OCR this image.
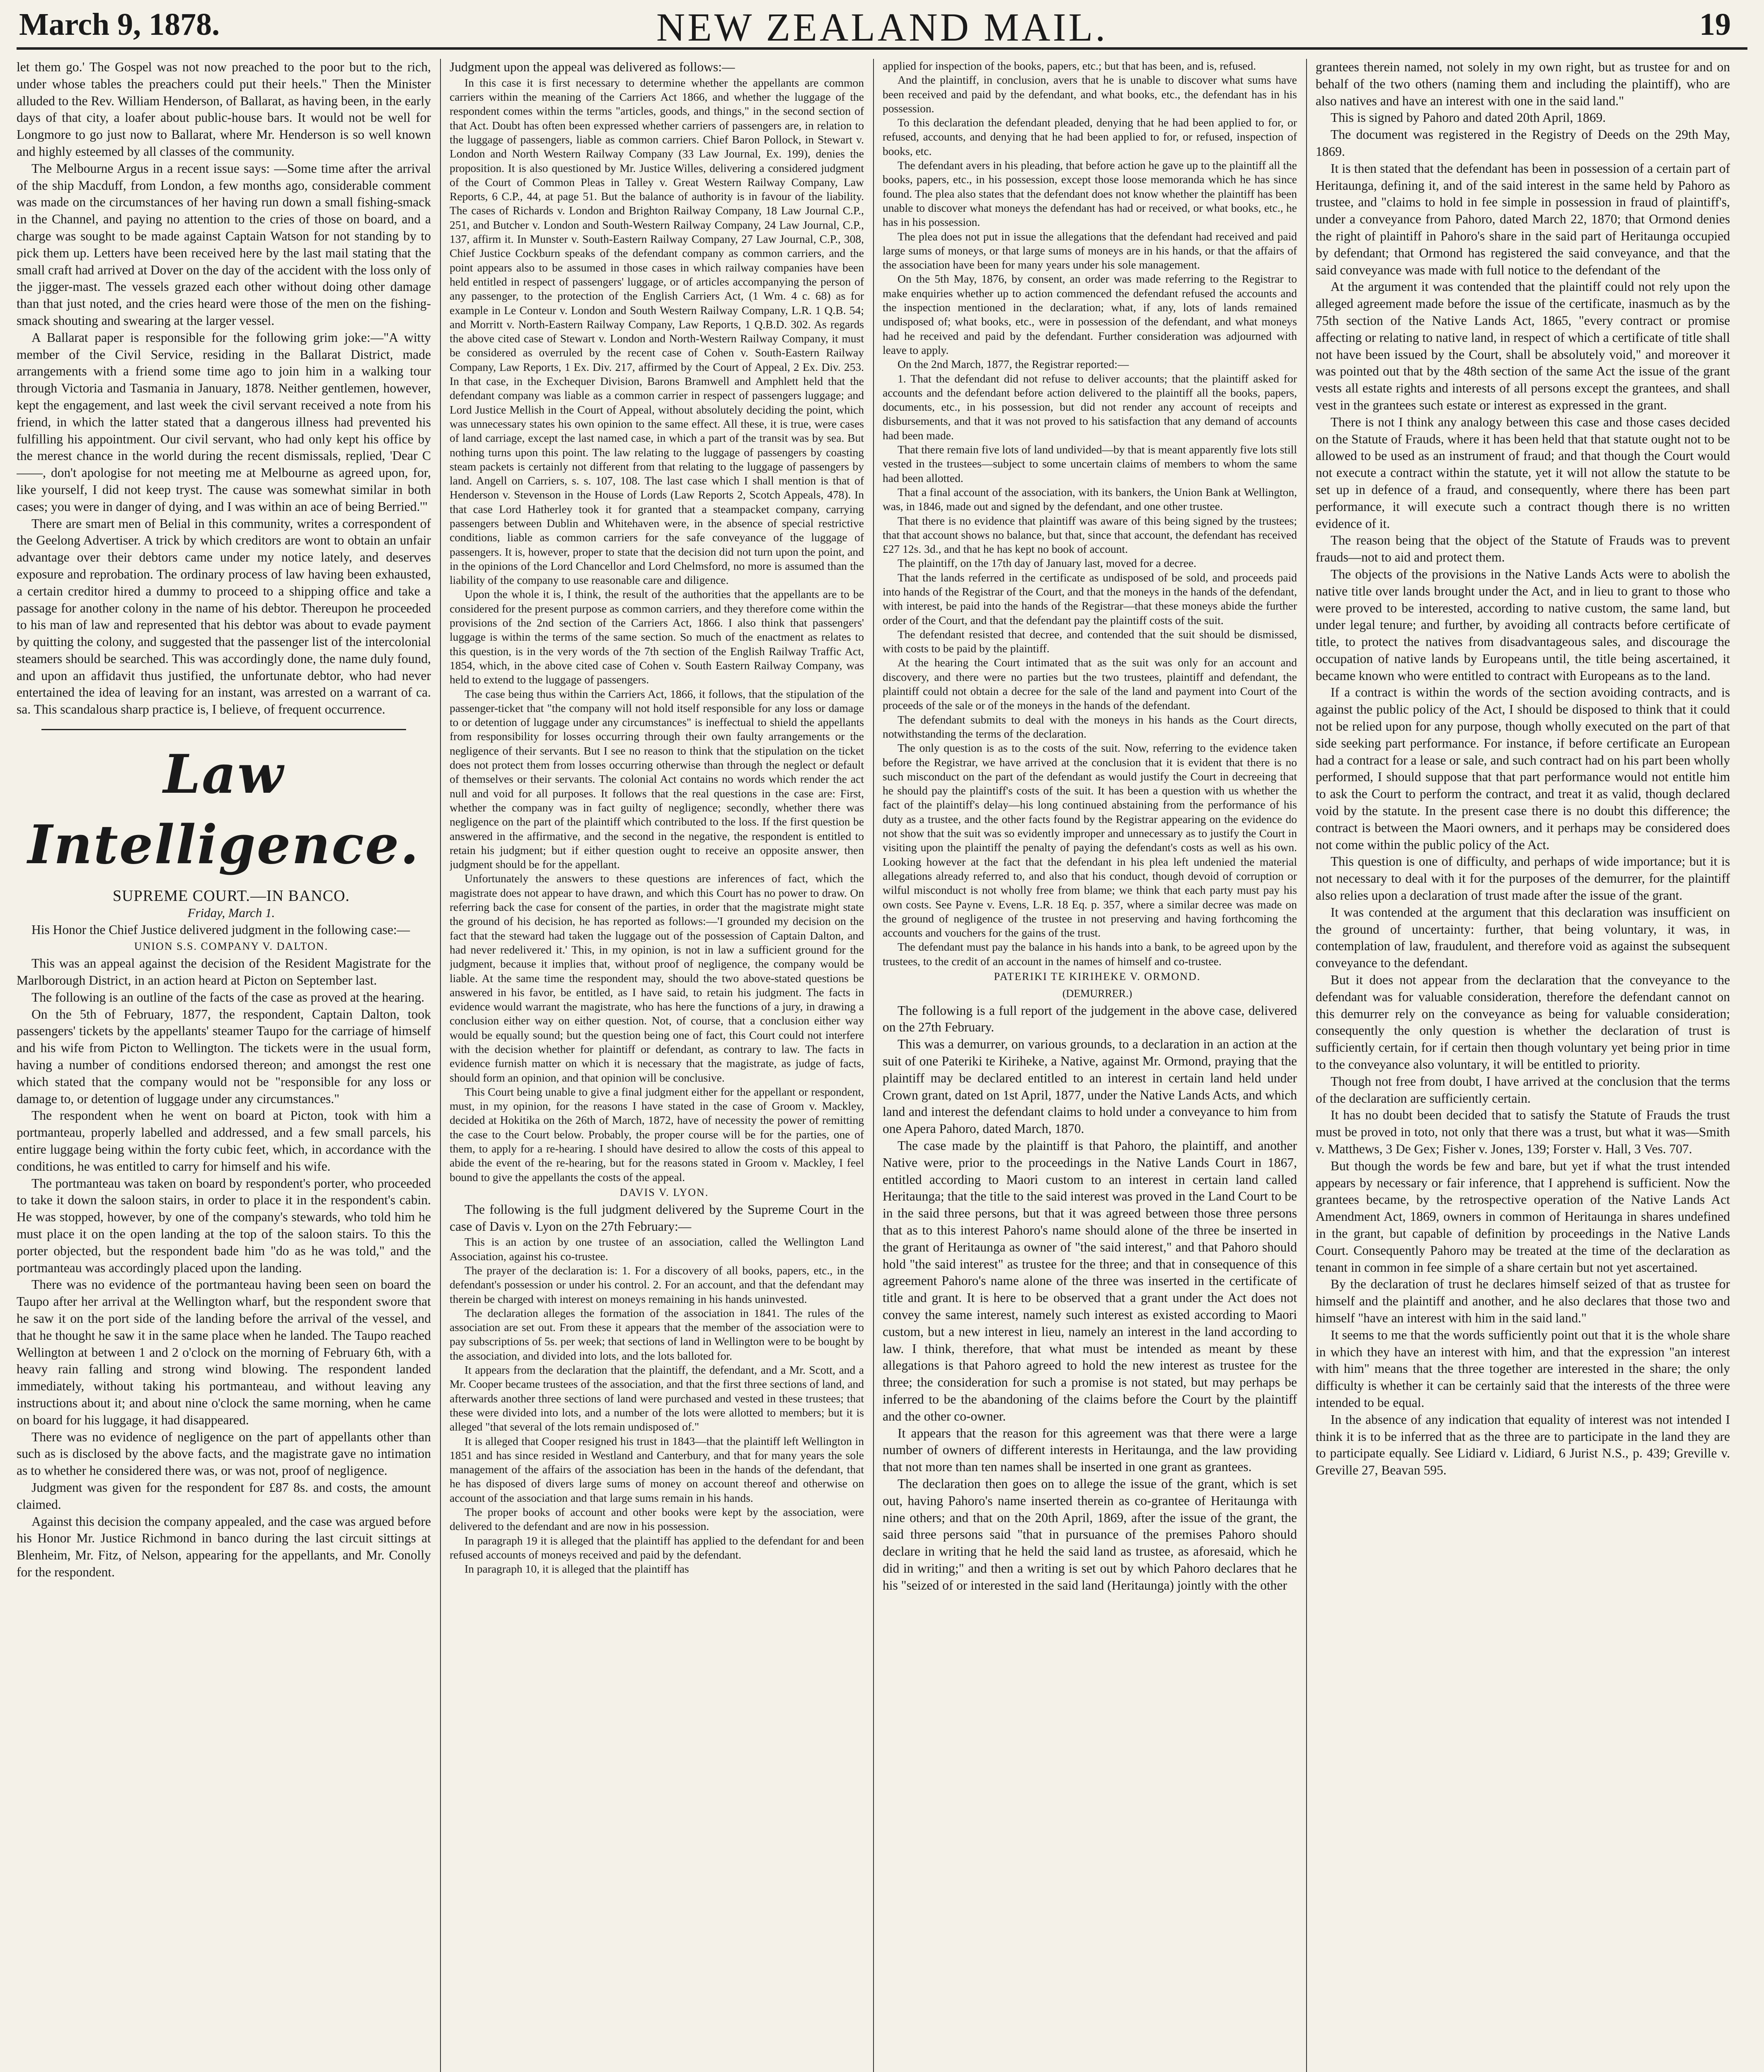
March 9, 1878.	NEW ZEALAND MAIL.	19

let them go.' The Gospel was not now preached to the poor but to the rich, under whose tables the preachers could put their heels." Then the Minister alluded to the Rev. William Henderson, of Ballarat, as having been, in the early days of that city, a loafer about public-house bars. It would not be well for Longmore to go just now to Ballarat, where Mr. Henderson is so well known and highly esteemed by all classes of the community.

The Melbourne Argus in a recent issue says: —Some time after the arrival of the ship Macduff, from London, a few months ago, considerable comment was made on the circumstances of her having run down a small fishing-smack in the Channel, and paying no attention to the cries of those on board, and a charge was sought to be made against Captain Watson for not standing by to pick them up. Letters have been received here by the last mail stating that the small craft had arrived at Dover on the day of the accident with the loss only of the jigger-mast. The vessels grazed each other without doing other damage than that just noted, and the cries heard were those of the men on the fishing-smack shouting and swearing at the larger vessel.

A Ballarat paper is responsible for the following grim joke:—"A witty member of the Civil Service, residing in the Ballarat District, made arrangements with a friend some time ago to join him in a walking tour through Victoria and Tasmania in January, 1878. Neither gentlemen, however, kept the engagement, and last week the civil servant received a note from his friend, in which the latter stated that a dangerous illness had prevented his fulfilling his appointment. Our civil servant, who had only kept his office by the merest chance in the world during the recent dismissals, replied, 'Dear C——, don't apologise for not meeting me at Melbourne as agreed upon, for, like yourself, I did not keep tryst. The cause was somewhat similar in both cases; you were in danger of dying, and I was within an ace of being Berried.'"

There are smart men of Belial in this community, writes a correspondent of the Geelong Advertiser. A trick by which creditors are wont to obtain an unfair advantage over their debtors came under my notice lately, and deserves exposure and reprobation. The ordinary process of law having been exhausted, a certain creditor hired a dummy to proceed to a shipping office and take a passage for another colony in the name of his debtor. Thereupon he proceeded to his man of law and represented that his debtor was about to evade payment by quitting the colony, and suggested that the passenger list of the intercolonial steamers should be searched. This was accordingly done, the name duly found, and upon an affidavit thus justified, the unfortunate debtor, who had never entertained the idea of leaving for an instant, was arrested on a warrant of ca. sa. This scandalous sharp practice is, I believe, of frequent occurrence.

Law Intelligence.

SUPREME COURT.—IN BANCO.

Friday, March 1.

His Honor the Chief Justice delivered judgment in the following case:—

UNION S.S. COMPANY V. DALTON.

This was an appeal against the decision of the Resident Magistrate for the Marlborough District, in an action heard at Picton on September last.

The following is an outline of the facts of the case as proved at the hearing.

On the 5th of February, 1877, the respondent, Captain Dalton, took passengers' tickets by the appellants' steamer Taupo for the carriage of himself and his wife from Picton to Wellington. The tickets were in the usual form, having a number of conditions endorsed thereon; and amongst the rest one which stated that the company would not be "responsible for any loss or damage to, or detention of luggage under any circumstances."

The respondent when he went on board at Picton, took with him a portmanteau, properly labelled and addressed, and a few small parcels, his entire luggage being within the forty cubic feet, which, in accordance with the conditions, he was entitled to carry for himself and his wife.

The portmanteau was taken on board by respondent's porter, who proceeded to take it down the saloon stairs, in order to place it in the respondent's cabin. He was stopped, however, by one of the company's stewards, who told him he must place it on the open landing at the top of the saloon stairs. To this the porter objected, but the respondent bade him "do as he was told," and the portmanteau was accordingly placed upon the landing.

There was no evidence of the portmanteau having been seen on board the Taupo after her arrival at the Wellington wharf, but the respondent swore that he saw it on the port side of the landing before the arrival of the vessel, and that he thought he saw it in the same place when he landed. The Taupo reached Wellington at between 1 and 2 o'clock on the morning of February 6th, with a heavy rain falling and strong wind blowing. The respondent landed immediately, without taking his portmanteau, and without leaving any instructions about it; and about nine o'clock the same morning, when he came on board for his luggage, it had disappeared.

There was no evidence of negligence on the part of appellants other than such as is disclosed by the above facts, and the magistrate gave no intimation as to whether he considered there was, or was not, proof of negligence.

Judgment was given for the respondent for £87 8s. and costs, the amount claimed.

Against this decision the company appealed, and the case was argued before his Honor Mr. Justice Richmond in banco during the last circuit sittings at Blenheim, Mr. Fitz, of Nelson, appearing for the appellants, and Mr. Conolly for the respondent.

Judgment upon the appeal was delivered as follows:—

In this case it is first necessary to determine whether the appellants are common carriers within the meaning of the Carriers Act 1866, and whether the luggage of the respondent comes within the terms "articles, goods, and things," in the second section of that Act. Doubt has often been expressed whether carriers of passengers are, in relation to the luggage of passengers, liable as common carriers. Chief Baron Pollock, in Stewart v. London and North Western Railway Company (33 Law Journal, Ex. 199), denies the proposition. It is also questioned by Mr. Justice Willes, delivering a considered judgment of the Court of Common Pleas in Talley v. Great Western Railway Company, Law Reports, 6 C.P., 44, at page 51. But the balance of authority is in favour of the liability. The cases of Richards v. London and Brighton Railway Company, 18 Law Journal C.P., 251, and Butcher v. London and South-Western Railway Company, 24 Law Journal, C.P., 137, affirm it. In Munster v. South-Eastern Railway Company, 27 Law Journal, C.P., 308, Chief Justice Cockburn speaks of the defendant company as common carriers, and the point appears also to be assumed in those cases in which railway companies have been held entitled in respect of passengers' luggage, or of articles accompanying the person of any passenger, to the protection of the English Carriers Act, (1 Wm. 4 c. 68) as for example in Le Conteur v. London and South Western Railway Company, L.R. 1 Q.B. 54; and Morritt v. North-Eastern Railway Company, Law Reports, 1 Q.B.D. 302. As regards the above cited case of Stewart v. London and North-Western Railway Company, it must be considered as overruled by the recent case of Cohen v. South-Eastern Railway Company, Law Reports, 1 Ex. Div. 217, affirmed by the Court of Appeal, 2 Ex. Div. 253. In that case, in the Exchequer Division, Barons Bramwell and Amphlett held that the defendant company was liable as a common carrier in respect of passengers luggage; and Lord Justice Mellish in the Court of Appeal, without absolutely deciding the point, which was unnecessary states his own opinion to the same effect. All these, it is true, were cases of land carriage, except the last named case, in which a part of the transit was by sea. But nothing turns upon this point. The law relating to the luggage of passengers by coasting steam packets is certainly not different from that relating to the luggage of passengers by land. Angell on Carriers, s. s. 107, 108. The last case which I shall mention is that of Henderson v. Stevenson in the House of Lords (Law Reports 2, Scotch Appeals, 478). In that case Lord Hatherley took it for granted that a steampacket company, carrying passengers between Dublin and Whitehaven were, in the absence of special restrictive conditions, liable as common carriers for the safe conveyance of the luggage of passengers. It is, however, proper to state that the decision did not turn upon the point, and in the opinions of the Lord Chancellor and Lord Chelmsford, no more is assumed than the liability of the company to use reasonable care and diligence.

Upon the whole it is, I think, the result of the authorities that the appellants are to be considered for the present purpose as common carriers, and they therefore come within the provisions of the 2nd section of the Carriers Act, 1866. I also think that passengers' luggage is within the terms of the same section. So much of the enactment as relates to this question, is in the very words of the 7th section of the English Railway Traffic Act, 1854, which, in the above cited case of Cohen v. South Eastern Railway Company, was held to extend to the luggage of passengers.

The case being thus within the Carriers Act, 1866, it follows, that the stipulation of the passenger-ticket that "the company will not hold itself responsible for any loss or damage to or detention of luggage under any circumstances" is ineffectual to shield the appellants from responsibility for losses occurring through their own faulty arrangements or the negligence of their servants. But I see no reason to think that the stipulation on the ticket does not protect them from losses occurring otherwise than through the neglect or default of themselves or their servants. The colonial Act contains no words which render the act null and void for all purposes. It follows that the real questions in the case are: First, whether the company was in fact guilty of negligence; secondly, whether there was negligence on the part of the plaintiff which contributed to the loss. If the first question be answered in the affirmative, and the second in the negative, the respondent is entitled to retain his judgment; but if either question ought to receive an opposite answer, then judgment should be for the appellant.

Unfortunately the answers to these questions are inferences of fact, which the magistrate does not appear to have drawn, and which this Court has no power to draw. On referring back the case for consent of the parties, in order that the magistrate might state the ground of his decision, he has reported as follows:—'I grounded my decision on the fact that the steward had taken the luggage out of the possession of Captain Dalton, and had never redelivered it.' This, in my opinion, is not in law a sufficient ground for the judgment, because it implies that, without proof of negligence, the company would be liable. At the same time the respondent may, should the two above-stated questions be answered in his favor, be entitled, as I have said, to retain his judgment. The facts in evidence would warrant the magistrate, who has here the functions of a jury, in drawing a conclusion either way on either question. Not, of course, that a conclusion either way would be equally sound; but the question being one of fact, this Court could not interfere with the decision whether for plaintiff or defendant, as contrary to law. The facts in evidence furnish matter on which it is necessary that the magistrate, as judge of facts, should form an opinion, and that opinion will be conclusive.

This Court being unable to give a final judgment either for the appellant or respondent, must, in my opinion, for the reasons I have stated in the case of Groom v. Mackley, decided at Hokitika on the 26th of March, 1872, have of necessity the power of remitting the case to the Court below. Probably, the proper course will be for the parties, one of them, to apply for a re-hearing. I should have desired to allow the costs of this appeal to abide the event of the re-hearing, but for the reasons stated in Groom v. Mackley, I feel bound to give the appellants the costs of the appeal.

DAVIS V. LYON.

The following is the full judgment delivered by the Supreme Court in the case of Davis v. Lyon on the 27th February:—

This is an action by one trustee of an association, called the Wellington Land Association, against his co-trustee.

The prayer of the declaration is: 1. For a discovery of all books, papers, etc., in the defendant's possession or under his control. 2. For an account, and that the defendant may therein be charged with interest on moneys remaining in his hands uninvested.

The declaration alleges the formation of the association in 1841. The rules of the association are set out. From these it appears that the member of the association were to pay subscriptions of 5s. per week; that sections of land in Wellington were to be bought by the association, and divided into lots, and the lots balloted for.

It appears from the declaration that the plaintiff, the defendant, and a Mr. Scott, and a Mr. Cooper became trustees of the association, and that the first three sections of land, and afterwards another three sections of land were purchased and vested in these trustees; that these were divided into lots, and a number of the lots were allotted to members; but it is alleged "that several of the lots remain undisposed of."

It is alleged that Cooper resigned his trust in 1843—that the plaintiff left Wellington in 1851 and has since resided in Westland and Canterbury, and that for many years the sole management of the affairs of the association has been in the hands of the defendant, that he has disposed of divers large sums of money on account thereof and otherwise on account of the association and that large sums remain in his hands.

The proper books of account and other books were kept by the association, were delivered to the defendant and are now in his possession.

In paragraph 19 it is alleged that the plaintiff has applied to the defendant for and been refused accounts of moneys received and paid by the defendant.

In paragraph 10, it is alleged that the plaintiff has

applied for inspection of the books, papers, etc.; but that has been, and is, refused.

And the plaintiff, in conclusion, avers that he is unable to discover what sums have been received and paid by the defendant, and what books, etc., the defendant has in his possession.

To this declaration the defendant pleaded, denying that he had been applied to for, or refused, accounts, and denying that he had been applied to for, or refused, inspection of books, etc.

The defendant avers in his pleading, that before action he gave up to the plaintiff all the books, papers, etc., in his possession, except those loose memoranda which he has since found. The plea also states that the defendant does not know whether the plaintiff has been unable to discover what moneys the defendant has had or received, or what books, etc., he has in his possession.

The plea does not put in issue the allegations that the defendant had received and paid large sums of moneys, or that large sums of moneys are in his hands, or that the affairs of the association have been for many years under his sole management.

On the 5th May, 1876, by consent, an order was made referring to the Registrar to make enquiries whether up to action commenced the defendant refused the accounts and the inspection mentioned in the declaration; what, if any, lots of lands remained undisposed of; what books, etc., were in possession of the defendant, and what moneys had he received and paid by the defendant. Further consideration was adjourned with leave to apply.

On the 2nd March, 1877, the Registrar reported:—

1. That the defendant did not refuse to deliver accounts; that the plaintiff asked for accounts and the defendant before action delivered to the plaintiff all the books, papers, documents, etc., in his possession, but did not render any account of receipts and disbursements, and that it was not proved to his satisfaction that any demand of accounts had been made.

That there remain five lots of land undivided—by that is meant apparently five lots still vested in the trustees—subject to some uncertain claims of members to whom the same had been allotted.

That a final account of the association, with its bankers, the Union Bank at Wellington, was, in 1846, made out and signed by the defendant, and one other trustee.

That there is no evidence that plaintiff was aware of this being signed by the trustees; that that account shows no balance, but that, since that account, the defendant has received £27 12s. 3d., and that he has kept no book of account.

The plaintiff, on the 17th day of January last, moved for a decree.

That the lands referred in the certificate as undisposed of be sold, and proceeds paid into hands of the Registrar of the Court, and that the moneys in the hands of the defendant, with interest, be paid into the hands of the Registrar—that these moneys abide the further order of the Court, and that the defendant pay the plaintiff costs of the suit.

The defendant resisted that decree, and contended that the suit should be dismissed, with costs to be paid by the plaintiff.

At the hearing the Court intimated that as the suit was only for an account and discovery, and there were no parties but the two trustees, plaintiff and defendant, the plaintiff could not obtain a decree for the sale of the land and payment into Court of the proceeds of the sale or of the moneys in the hands of the defendant.

The defendant submits to deal with the moneys in his hands as the Court directs, notwithstanding the terms of the declaration.

The only question is as to the costs of the suit. Now, referring to the evidence taken before the Registrar, we have arrived at the conclusion that it is evident that there is no such misconduct on the part of the defendant as would justify the Court in decreeing that he should pay the plaintiff's costs of the suit. It has been a question with us whether the fact of the plaintiff's delay—his long continued abstaining from the performance of his duty as a trustee, and the other facts found by the Registrar appearing on the evidence do not show that the suit was so evidently improper and unnecessary as to justify the Court in visiting upon the plaintiff the penalty of paying the defendant's costs as well as his own. Looking however at the fact that the defendant in his plea left undenied the material allegations already referred to, and also that his conduct, though devoid of corruption or wilful misconduct is not wholly free from blame; we think that each party must pay his own costs. See Payne v. Evens, L.R. 18 Eq. p. 357, where a similar decree was made on the ground of negligence of the trustee in not preserving and having forthcoming the accounts and vouchers for the gains of the trust.

The defendant must pay the balance in his hands into a bank, to be agreed upon by the trustees, to the credit of an account in the names of himself and co-trustee.

PATERIKI TE KIRIHEKE V. ORMOND.

(DEMURRER.)

The following is a full report of the judgement in the above case, delivered on the 27th February.

This was a demurrer, on various grounds, to a declaration in an action at the suit of one Pateriki te Kiriheke, a Native, against Mr. Ormond, praying that the plaintiff may be declared entitled to an interest in certain land held under Crown grant, dated on 1st April, 1877, under the Native Lands Acts, and which land and interest the defendant claims to hold under a conveyance to him from one Apera Pahoro, dated March, 1870.

The case made by the plaintiff is that Pahoro, the plaintiff, and another Native were, prior to the proceedings in the Native Lands Court in 1867, entitled according to Maori custom to an interest in certain land called Heritaunga; that the title to the said interest was proved in the Land Court to be in the said three persons, but that it was agreed between those three persons that as to this interest Pahoro's name should alone of the three be inserted in the grant of Heritaunga as owner of "the said interest," and that Pahoro should hold "the said interest" as trustee for the three; and that in consequence of this agreement Pahoro's name alone of the three was inserted in the certificate of title and grant. It is here to be observed that a grant under the Act does not convey the same interest, namely such interest as existed according to Maori custom, but a new interest in lieu, namely an interest in the land according to law. I think, therefore, that what must be intended as meant by these allegations is that Pahoro agreed to hold the new interest as trustee for the three; the consideration for such a promise is not stated, but may perhaps be inferred to be the abandoning of the claims before the Court by the plaintiff and the other co-owner.

It appears that the reason for this agreement was that there were a large number of owners of different interests in Heritaunga, and the law providing that not more than ten names shall be inserted in one grant as grantees.

The declaration then goes on to allege the issue of the grant, which is set out, having Pahoro's name inserted therein as co-grantee of Heritaunga with nine others; and that on the 20th April, 1869, after the issue of the grant, the said three persons said "that in pursuance of the premises Pahoro should declare in writing that he held the said land as trustee, as aforesaid, which he did in writing;" and then a writing is set out by which Pahoro declares that he his "seized of or interested in the said land (Heritaunga) jointly with the other

grantees therein named, not solely in my own right, but as trustee for and on behalf of the two others (naming them and including the plaintiff), who are also natives and have an interest with one in the said land."

This is signed by Pahoro and dated 20th April, 1869.

The document was registered in the Registry of Deeds on the 29th May, 1869.

It is then stated that the defendant has been in possession of a certain part of Heritaunga, defining it, and of the said interest in the same held by Pahoro as trustee, and "claims to hold in fee simple in possession in fraud of plaintiff's, under a conveyance from Pahoro, dated March 22, 1870; that Ormond denies the right of plaintiff in Pahoro's share in the said part of Heritaunga occupied by defendant; that Ormond has registered the said conveyance, and that the said conveyance was made with full notice to the defendant of the

At the argument it was contended that the plaintiff could not rely upon the alleged agreement made before the issue of the certificate, inasmuch as by the 75th section of the Native Lands Act, 1865, "every contract or promise affecting or relating to native land, in respect of which a certificate of title shall not have been issued by the Court, shall be absolutely void," and moreover it was pointed out that by the 48th section of the same Act the issue of the grant vests all estate rights and interests of all persons except the grantees, and shall vest in the grantees such estate or interest as expressed in the grant.

There is not I think any analogy between this case and those cases decided on the Statute of Frauds, where it has been held that that statute ought not to be allowed to be used as an instrument of fraud; and that though the Court would not execute a contract within the statute, yet it will not allow the statute to be set up in defence of a fraud, and consequently, where there has been part performance, it will execute such a contract though there is no written evidence of it.

The reason being that the object of the Statute of Frauds was to prevent frauds—not to aid and protect them.

The objects of the provisions in the Native Lands Acts were to abolish the native title over lands brought under the Act, and in lieu to grant to those who were proved to be interested, according to native custom, the same land, but under legal tenure; and further, by avoiding all contracts before certificate of title, to protect the natives from disadvantageous sales, and discourage the occupation of native lands by Europeans until, the title being ascertained, it became known who were entitled to contract with Europeans as to the land.

If a contract is within the words of the section avoiding contracts, and is against the public policy of the Act, I should be disposed to think that it could not be relied upon for any purpose, though wholly executed on the part of that side seeking part performance. For instance, if before certificate an European had a contract for a lease or sale, and such contract had on his part been wholly performed, I should suppose that that part performance would not entitle him to ask the Court to perform the contract, and treat it as valid, though declared void by the statute. In the present case there is no doubt this difference; the contract is between the Maori owners, and it perhaps may be considered does not come within the public policy of the Act.

This question is one of difficulty, and perhaps of wide importance; but it is not necessary to deal with it for the purposes of the demurrer, for the plaintiff also relies upon a declaration of trust made after the issue of the grant.

It was contended at the argument that this declaration was insufficient on the ground of uncertainty: further, that being voluntary, it was, in contemplation of law, fraudulent, and therefore void as against the subsequent conveyance to the defendant.

But it does not appear from the declaration that the conveyance to the defendant was for valuable consideration, therefore the defendant cannot on this demurrer rely on the conveyance as being for valuable consideration; consequently the only question is whether the declaration of trust is sufficiently certain, for if certain then though voluntary yet being prior in time to the conveyance also voluntary, it will be entitled to priority.

Though not free from doubt, I have arrived at the conclusion that the terms of the declaration are sufficiently certain.

It has no doubt been decided that to satisfy the Statute of Frauds the trust must be proved in toto, not only that there was a trust, but what it was—Smith v. Matthews, 3 De Gex; Fisher v. Jones, 139; Forster v. Hall, 3 Ves. 707.

But though the words be few and bare, but yet if what the trust intended appears by necessary or fair inference, that I apprehend is sufficient. Now the grantees became, by the retrospective operation of the Native Lands Act Amendment Act, 1869, owners in common of Heritaunga in shares undefined in the grant, but capable of definition by proceedings in the Native Lands Court. Consequently Pahoro may be treated at the time of the declaration as tenant in common in fee simple of a share certain but not yet ascertained.

By the declaration of trust he declares himself seized of that as trustee for himself and the plaintiff and another, and he also declares that those two and himself "have an interest with him in the said land."

It seems to me that the words sufficiently point out that it is the whole share in which they have an interest with him, and that the expression "an interest with him" means that the three together are interested in the share; the only difficulty is whether it can be certainly said that the interests of the three were intended to be equal.

In the absence of any indication that equality of interest was not intended I think it is to be inferred that as the three are to participate in the land they are to participate equally. See Lidiard v. Lidiard, 6 Jurist N.S., p. 439; Greville v. Greville 27, Beavan 595.
